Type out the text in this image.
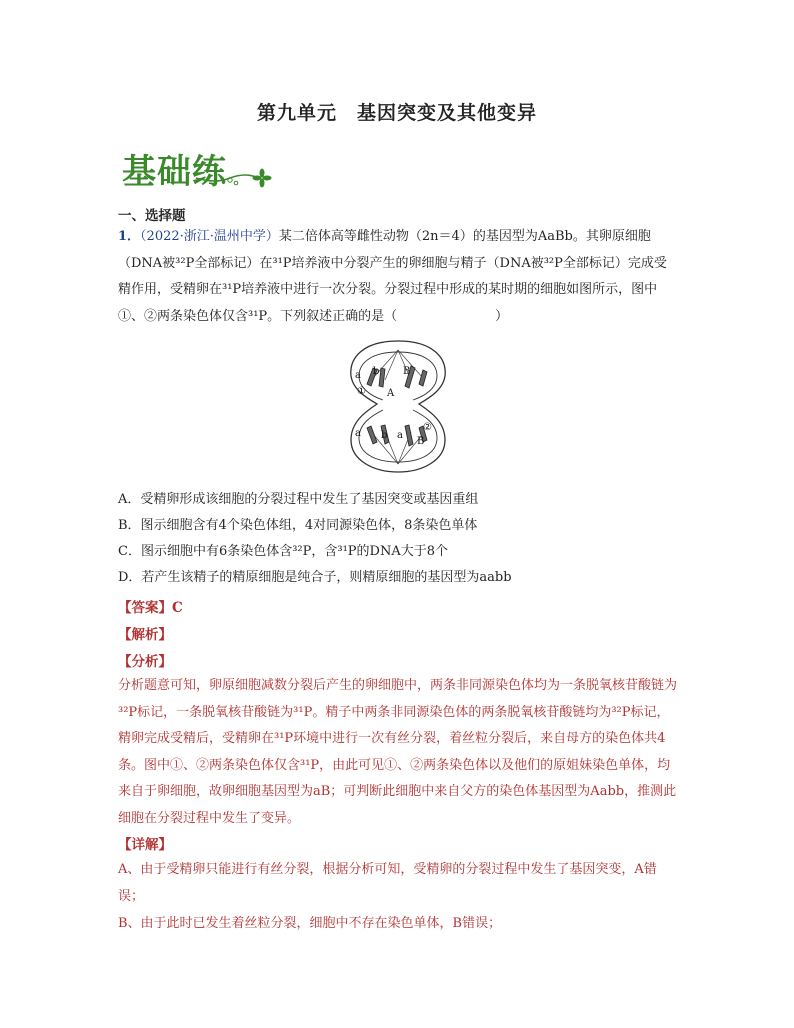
第九单元　基因突变及其他变异
基础练
一、选择题
1．（2022·浙江·温州中学）某二倍体高等雌性动物（2n＝4）的基因型为AaBb。其卵原细胞（DNA被³²P全部标记）在³¹P培养液中分裂产生的卵细胞与精子（DNA被³²P全部标记）完成受精作用，受精卵在³¹P培养液中进行一次分裂。分裂过程中形成的某时期的细胞如图所示，图中①、②两条染色体仅含³¹P。下列叙述正确的是（	）
a b B
A
①
a b a
B
②
A．受精卵形成该细胞的分裂过程中发生了基因突变或基因重组
B．图示细胞含有4个染色体组，4对同源染色体，8条染色单体
C．图示细胞中有6条染色体含³²P，含³¹P的DNA大于8个
D．若产生该精子的精原细胞是纯合子，则精原细胞的基因型为aabb
【答案】C
【解析】
【分析】
分析题意可知，卵原细胞减数分裂后产生的卵细胞中，两条非同源染色体均为一条脱氧核苷酸链为³²P标记，一条脱氧核苷酸链为³¹P。精子中两条非同源染色体的两条脱氧核苷酸链均为³²P标记，精卵完成受精后，受精卵在³¹P环境中进行一次有丝分裂，着丝粒分裂后，来自母方的染色体共4条。图中①、②两条染色体仅含³¹P，由此可见①、②两条染色体以及他们的原姐妹染色单体，均来自于卵细胞，故卵细胞基因型为aB；可判断此细胞中来自父方的染色体基因型为Aabb，推测此细胞在分裂过程中发生了变异。
【详解】
A、由于受精卵只能进行有丝分裂，根据分析可知，受精卵的分裂过程中发生了基因突变，A错误；
B、由于此时已发生着丝粒分裂，细胞中不存在染色单体，B错误；
